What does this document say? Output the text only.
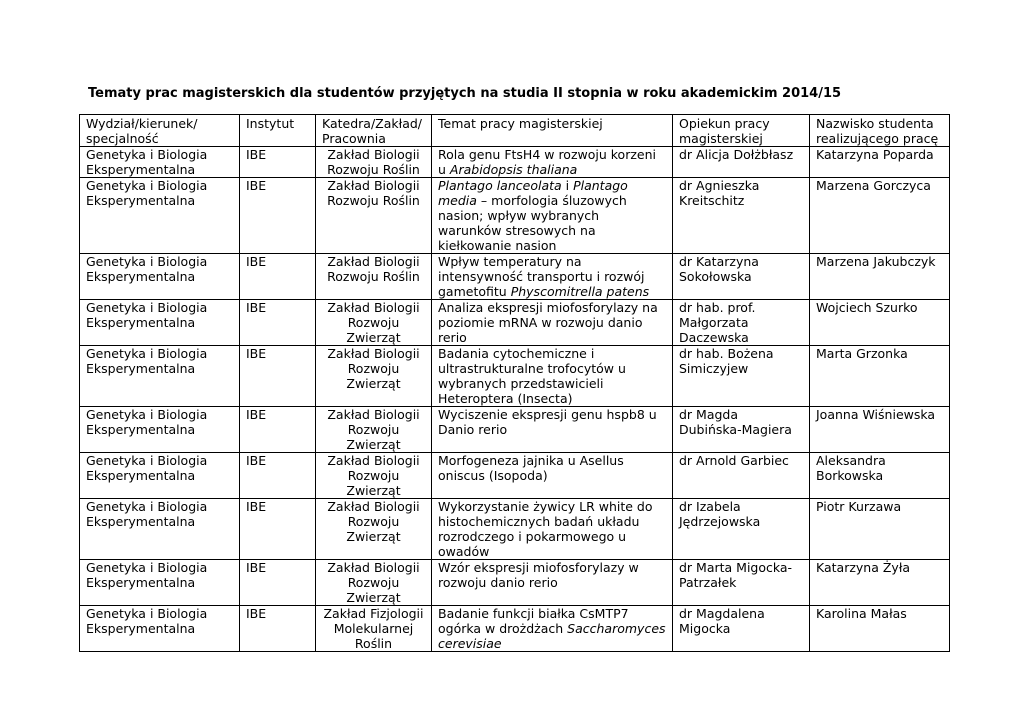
Tematy prac magisterskich dla studentów przyjętych na studia II stopnia w roku akademickim 2014/15
Wydział/kierunek/ specjalność	Instytut	Katedra/Zakład/ Pracownia	Temat pracy magisterskiej	Opiekun pracy magisterskiej	Nazwisko studenta realizującego pracę
Genetyka i Biologia Eksperymentalna	IBE	Zakład Biologii Rozwoju Roślin	Rola genu FtsH4 w rozwoju korzeni u Arabidopsis thaliana	dr Alicja Dołżbłasz	Katarzyna Poparda
Genetyka i Biologia Eksperymentalna	IBE	Zakład Biologii Rozwoju Roślin	Plantago lanceolata i Plantago media – morfologia śluzowych nasion; wpływ wybranych warunków stresowych na kiełkowanie nasion	dr Agnieszka Kreitschitz	Marzena Gorczyca
Genetyka i Biologia Eksperymentalna	IBE	Zakład Biologii Rozwoju Roślin	Wpływ temperatury na intensywność transportu i rozwój gametofitu Physcomitrella patens	dr Katarzyna Sokołowska	Marzena Jakubczyk
Genetyka i Biologia Eksperymentalna	IBE	Zakład Biologii Rozwoju Zwierząt	Analiza ekspresji miofosforylazy na poziomie mRNA w rozwoju danio rerio	dr hab. prof. Małgorzata Daczewska	Wojciech Szurko
Genetyka i Biologia Eksperymentalna	IBE	Zakład Biologii Rozwoju Zwierząt	Badania cytochemiczne i ultrastrukturalne trofocytów u wybranych przedstawicieli Heteroptera (Insecta)	dr hab. Bożena Simiczyjew	Marta Grzonka
Genetyka i Biologia Eksperymentalna	IBE	Zakład Biologii Rozwoju Zwierząt	Wyciszenie ekspresji genu hspb8 u Danio rerio	dr Magda Dubińska-Magiera	Joanna Wiśniewska
Genetyka i Biologia Eksperymentalna	IBE	Zakład Biologii Rozwoju Zwierząt	Morfogeneza jajnika u Asellus oniscus (Isopoda)	dr Arnold Garbiec	Aleksandra Borkowska
Genetyka i Biologia Eksperymentalna	IBE	Zakład Biologii Rozwoju Zwierząt	Wykorzystanie żywicy LR white do histochemicznych badań układu rozrodczego i pokarmowego u owadów	dr Izabela Jędrzejowska	Piotr Kurzawa
Genetyka i Biologia Eksperymentalna	IBE	Zakład Biologii Rozwoju Zwierząt	Wzór ekspresji miofosforylazy w rozwoju danio rerio	dr Marta Migocka-Patrzałek	Katarzyna Żyła
Genetyka i Biologia Eksperymentalna	IBE	Zakład Fizjologii Molekularnej Roślin	Badanie funkcji białka CsMTP7 ogórka w drożdżach Saccharomyces cerevisiae	dr Magdalena Migocka	Karolina Małas
